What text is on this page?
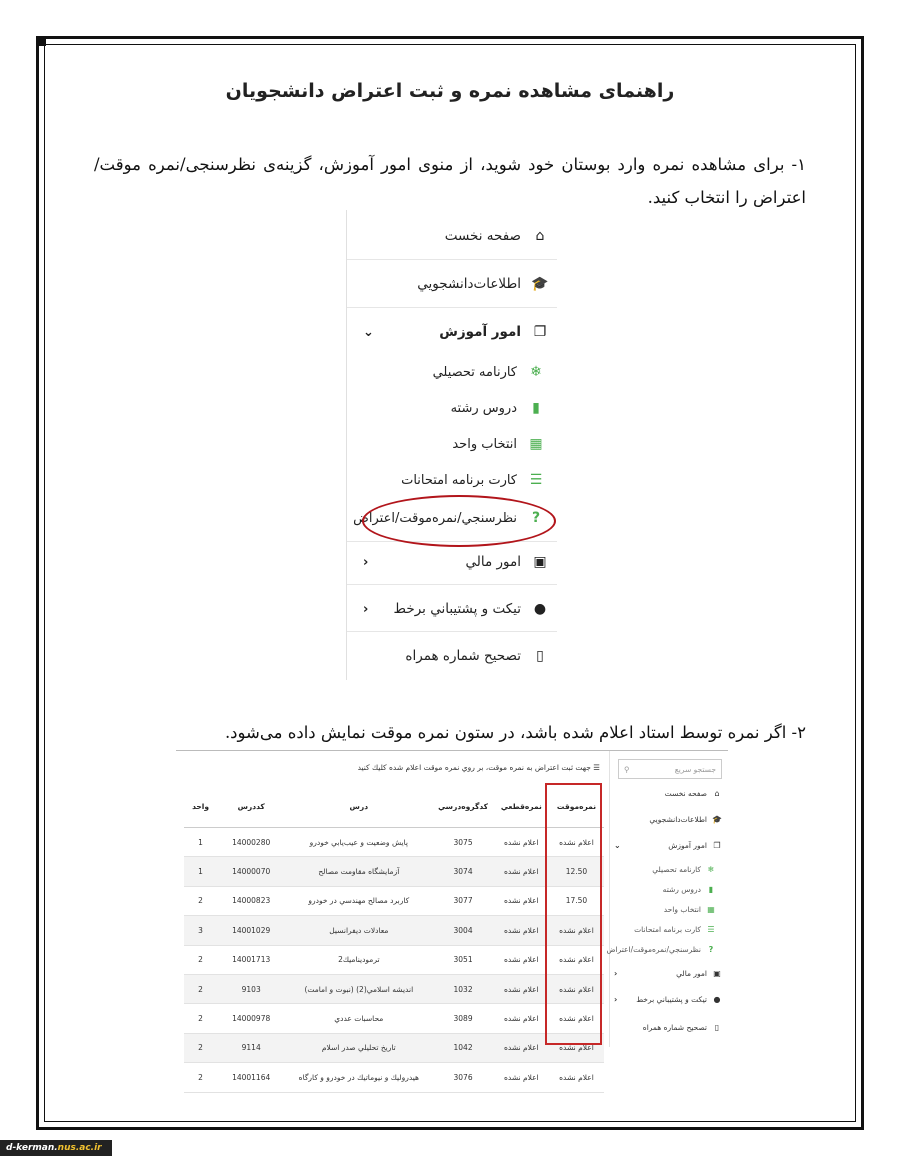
راهنمای مشاهده نمره و ثبت اعتراض دانشجویان
۱- برای مشاهده نمره وارد بوستان خود شوید، از منوی امور آموزش، گزینه‌ی نظرسنجی/نمره موقت/ اعتراض را انتخاب کنید.
⌂
صفحه نخست
🎓
اطلاعات‌دانشجويي
❐
امور آموزش
⌄
❄
كارنامه تحصيلي
▮
دروس رشته
▦
انتخاب واحد
☰
كارت برنامه امتحانات
?
نظرسنجي/نمره‌موقت/اعتراض
▣
امور مالي
‹
●
تيكت و پشتيباني برخط
‹
▯
تصحيح شماره همراه
۲- اگر نمره توسط استاد اعلام شده باشد، در ستون نمره موقت نمایش داده می‌شود.
جستجو سريع
⚲
⌂
صفحه نخست
🎓
اطلاعات‌دانشجويي
❐
امور آموزش
⌄
❄
كارنامه تحصيلي
▮
دروس رشته
▦
انتخاب واحد
☰
كارت برنامه امتحانات
?
نظرسنجي/نمره‌موقت/اعتراض
▣
امور مالي
‹
●
تيكت و پشتيباني برخط
‹
▯
تصحيح شماره همراه
☰ جهت ثبت اعتراض به نمره موقت، بر روي نمره موقت اعلام شده كليك كنيد
نمره‌موقت	نمره‌قطعي	كدگروه‌درسي	درس	كددرس	واحد
اعلام نشده	اعلام نشده	3075	پايش وضعيت و عيب‌يابي خودرو	14000280	1
12.50	اعلام نشده	3074	آزمايشگاه مقاومت مصالح	14000070	1
17.50	اعلام نشده	3077	كاربرد مصالح مهندسي در خودرو	14000823	2
اعلام نشده	اعلام نشده	3004	معادلات ديفرانسيل	14001029	3
اعلام نشده	اعلام نشده	3051	ترموديناميك2	14001713	2
اعلام نشده	اعلام نشده	1032	انديشه اسلامي(2) (نبوت و امامت)	9103	2
اعلام نشده	اعلام نشده	3089	محاسبات عددي	14000978	2
اعلام نشده	اعلام نشده	1042	تاريخ تحليلي صدر اسلام	9114	2
اعلام نشده	اعلام نشده	3076	هيدروليك و نيوماتيك در خودرو و كارگاه	14001164	2
d-kerman. nus.ac.ir
